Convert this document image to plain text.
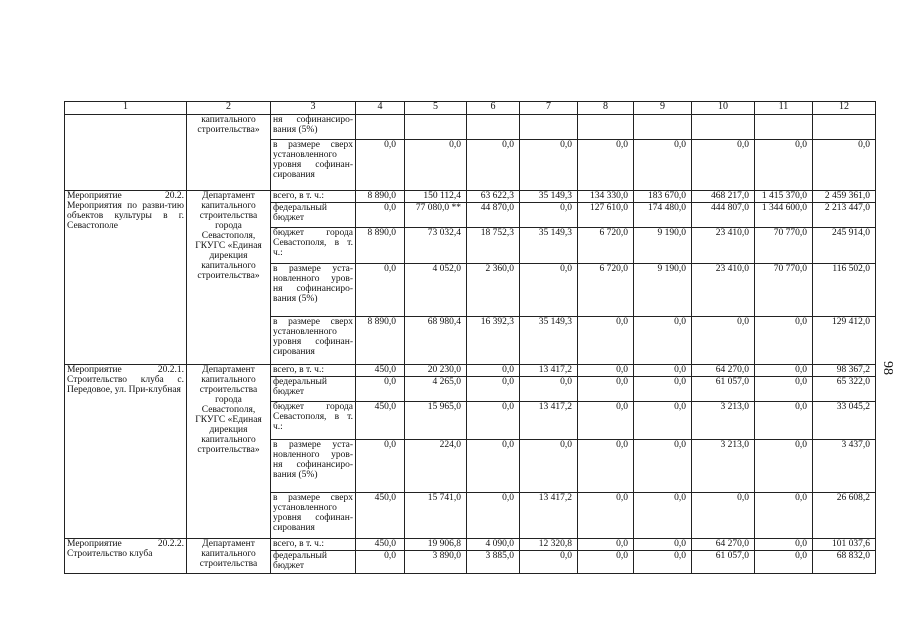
1	2	3	4	5	6	7	8	9	10	11	12
	капитального строительства»	ня софинансиро-вания (5%)									
		в размере сверх установленного уровня софинан-сирования	0,0	0,0	0,0	0,0	0,0	0,0	0,0	0,0	0,0
Мероприятие 20.2. Мероприятия по разви-тию объектов культуры в г. Севастополе	Департамент капитального строительства города Севастополя, ГКУГС «Единая дирекция капитального строительства»	всего, в т. ч.:	8 890,0	150 112,4	63 622,3	35 149,3	134 330,0	183 670,0	468 217,0	1 415 370,0	2 459 361,0
		федеральный бюджет	0,0	77 080,0 **	44 870,0	0,0	127 610,0	174 480,0	444 807,0	1 344 600,0	2 213 447,0
		бюджет города Севастополя, в т. ч.:	8 890,0	73 032,4	18 752,3	35 149,3	6 720,0	9 190,0	23 410,0	70 770,0	245 914,0
		в размере уста-новленного уров-ня софинансиро-вания (5%)	0,0	4 052,0	2 360,0	0,0	6 720,0	9 190,0	23 410,0	70 770,0	116 502,0
		в размере сверх установленного уровня софинан-сирования	8 890,0	68 980,4	16 392,3	35 149,3	0,0	0,0	0,0	0,0	129 412,0
Мероприятие 20.2.1. Строительство клуба с. Передовое, ул. При-клубная	Департамент капитального строительства города Севастополя, ГКУГС «Единая дирекция капитального строительства»	всего, в т. ч.:	450,0	20 230,0	0,0	13 417,2	0,0	0,0	64 270,0	0,0	98 367,2
		федеральный бюджет	0,0	4 265,0	0,0	0,0	0,0	0,0	61 057,0	0,0	65 322,0
		бюджет города Севастополя, в т. ч.:	450,0	15 965,0	0,0	13 417,2	0,0	0,0	3 213,0	0,0	33 045,2
		в размере уста-новленного уров-ня софинансиро-вания (5%)	0,0	224,0	0,0	0,0	0,0	0,0	3 213,0	0,0	3 437,0
		в размере сверх установленного уровня софинан-сирования	450,0	15 741,0	0,0	13 417,2	0,0	0,0	0,0	0,0	26 608,2
Мероприятие 20.2.2. Строительство клуба	Департамент капитального строительства	всего, в т. ч.:	450,0	19 906,8	4 090,0	12 320,8	0,0	0,0	64 270,0	0,0	101 037,6
		федеральный бюджет	0,0	3 890,0	3 885,0	0,0	0,0	0,0	61 057,0	0,0	68 832,0
98
